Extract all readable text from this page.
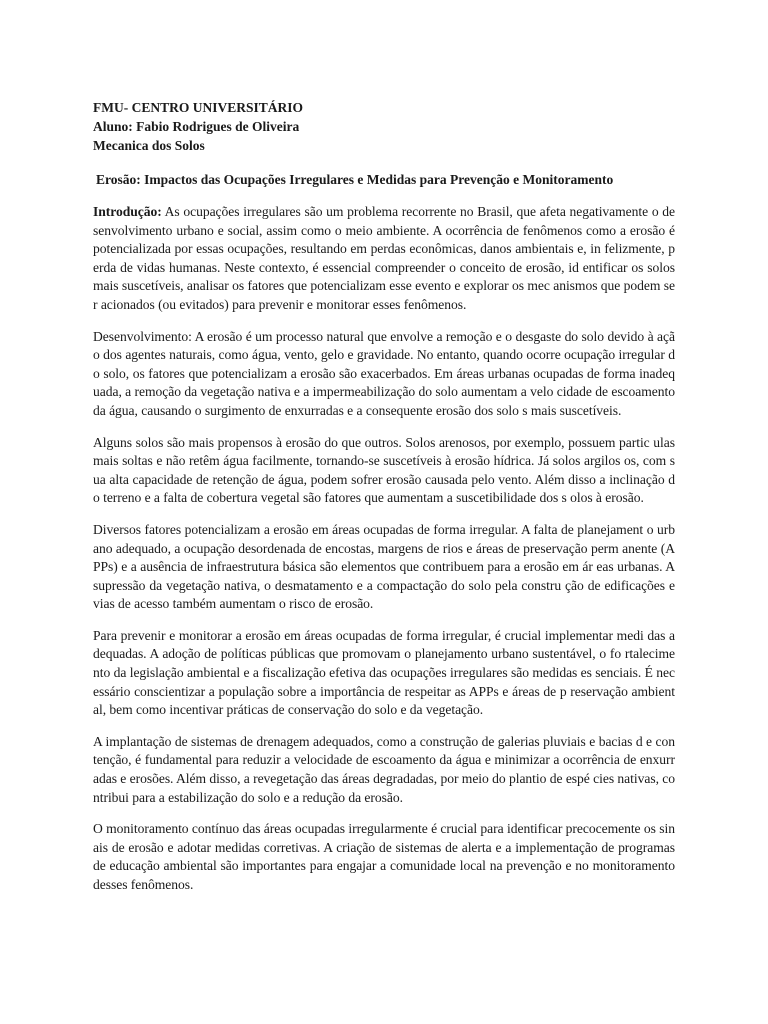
FMU- CENTRO UNIVERSITÁRIO

Aluno: Fabio Rodrigues de Oliveira

Mecanica dos Solos

Erosão: Impactos das Ocupações Irregulares e Medidas para Prevenção e Monitoramento

Introdução: As ocupações irregulares são um problema recorrente no Brasil, que afeta negativamente o desenvolvimento urbano e social, assim como o meio ambiente. A ocorrência de fenômenos como a erosão é potencializada por essas ocupações, resultando em perdas econômicas, danos ambientais e, in felizmente, perda de vidas humanas. Neste contexto, é essencial compreender o conceito de erosão, id entificar os solos mais suscetíveis, analisar os fatores que potencializam esse evento e explorar os mec anismos que podem ser acionados (ou evitados) para prevenir e monitorar esses fenômenos.

Desenvolvimento: A erosão é um processo natural que envolve a remoção e o desgaste do solo devido à ação dos agentes naturais, como água, vento, gelo e gravidade. No entanto, quando ocorre ocupação irregular do solo, os fatores que potencializam a erosão são exacerbados. Em áreas urbanas ocupadas de forma inadequada, a remoção da vegetação nativa e a impermeabilização do solo aumentam a velo cidade de escoamento da água, causando o surgimento de enxurradas e a consequente erosão dos solo s mais suscetíveis.

Alguns solos são mais propensos à erosão do que outros. Solos arenosos, por exemplo, possuem partic ulas mais soltas e não retêm água facilmente, tornando-se suscetíveis à erosão hídrica. Já solos argilos os, com sua alta capacidade de retenção de água, podem sofrer erosão causada pelo vento. Além disso a inclinação do terreno e a falta de cobertura vegetal são fatores que aumentam a suscetibilidade dos s olos à erosão.

Diversos fatores potencializam a erosão em áreas ocupadas de forma irregular. A falta de planejament o urbano adequado, a ocupação desordenada de encostas, margens de rios e áreas de preservação perm anente (APPs) e a ausência de infraestrutura básica são elementos que contribuem para a erosão em ár eas urbanas. A supressão da vegetação nativa, o desmatamento e a compactação do solo pela constru ção de edificações e vias de acesso também aumentam o risco de erosão.

Para prevenir e monitorar a erosão em áreas ocupadas de forma irregular, é crucial implementar medi das adequadas. A adoção de políticas públicas que promovam o planejamento urbano sustentável, o fo rtalecimento da legislação ambiental e a fiscalização efetiva das ocupações irregulares são medidas es senciais. É necessário conscientizar a população sobre a importância de respeitar as APPs e áreas de p reservação ambiental, bem como incentivar práticas de conservação do solo e da vegetação.

A implantação de sistemas de drenagem adequados, como a construção de galerias pluviais e bacias d e contenção, é fundamental para reduzir a velocidade de escoamento da água e minimizar a ocorrência de enxurradas e erosões. Além disso, a revegetação das áreas degradadas, por meio do plantio de espé cies nativas, contribui para a estabilização do solo e a redução da erosão.

O monitoramento contínuo das áreas ocupadas irregularmente é crucial para identificar precocemente os sinais de erosão e adotar medidas corretivas. A criação de sistemas de alerta e a implementação de programas de educação ambiental são importantes para engajar a comunidade local na prevenção e no monitoramento desses fenômenos.
